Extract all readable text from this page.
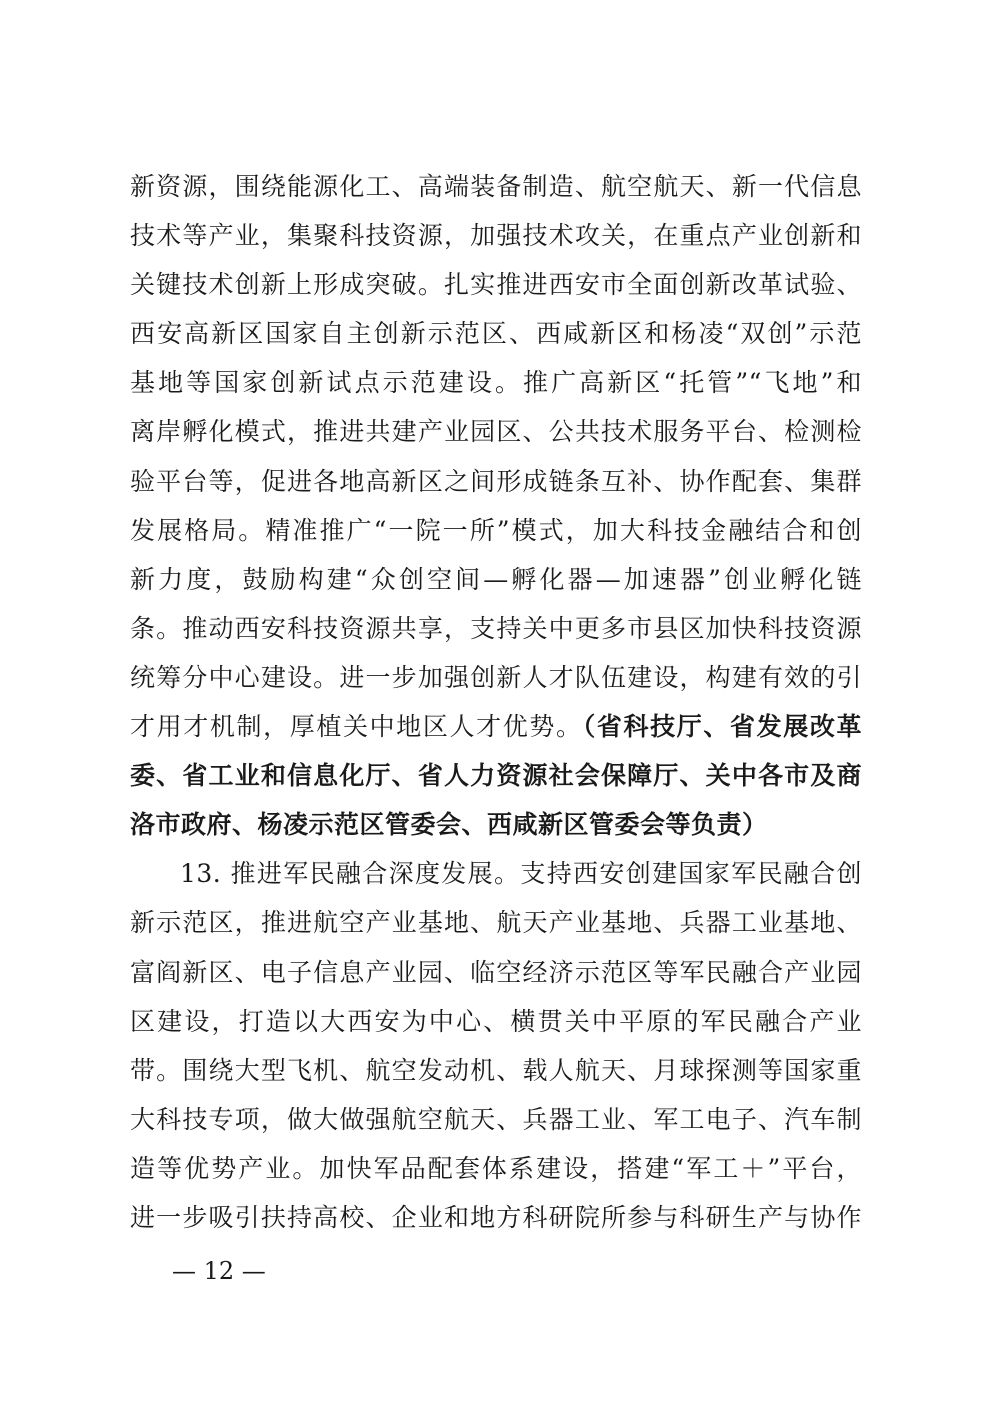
新资源，围绕能源化工、高端装备制造、航空航天、新一代信息
技术等产业，集聚科技资源，加强技术攻关，在重点产业创新和
关键技术创新上形成突破。扎实推进西安市全面创新改革试验、
西安高新区国家自主创新示范区、西咸新区和杨凌“双创”示范
基地等国家创新试点示范建设。推广高新区“托管”“飞地”和
离岸孵化模式，推进共建产业园区、公共技术服务平台、检测检
验平台等，促进各地高新区之间形成链条互补、协作配套、集群
发展格局。精准推广“一院一所”模式，加大科技金融结合和创
新力度，鼓励构建“众创空间—孵化器—加速器”创业孵化链
条。推动西安科技资源共享，支持关中更多市县区加快科技资源
统筹分中心建设。进一步加强创新人才队伍建设，构建有效的引
才用才机制，厚植关中地区人才优势。（省科技厅、省发展改革
委、省工业和信息化厅、省人力资源社会保障厅、关中各市及商
洛市政府、杨凌示范区管委会、西咸新区管委会等负责）
13. 推进军民融合深度发展。支持西安创建国家军民融合创
新示范区，推进航空产业基地、航天产业基地、兵器工业基地、
富阎新区、电子信息产业园、临空经济示范区等军民融合产业园
区建设，打造以大西安为中心、横贯关中平原的军民融合产业
带。围绕大型飞机、航空发动机、载人航天、月球探测等国家重
大科技专项，做大做强航空航天、兵器工业、军工电子、汽车制
造等优势产业。加快军品配套体系建设，搭建“军工＋”平台，
进一步吸引扶持高校、企业和地方科研院所参与科研生产与协作
— 12 —
